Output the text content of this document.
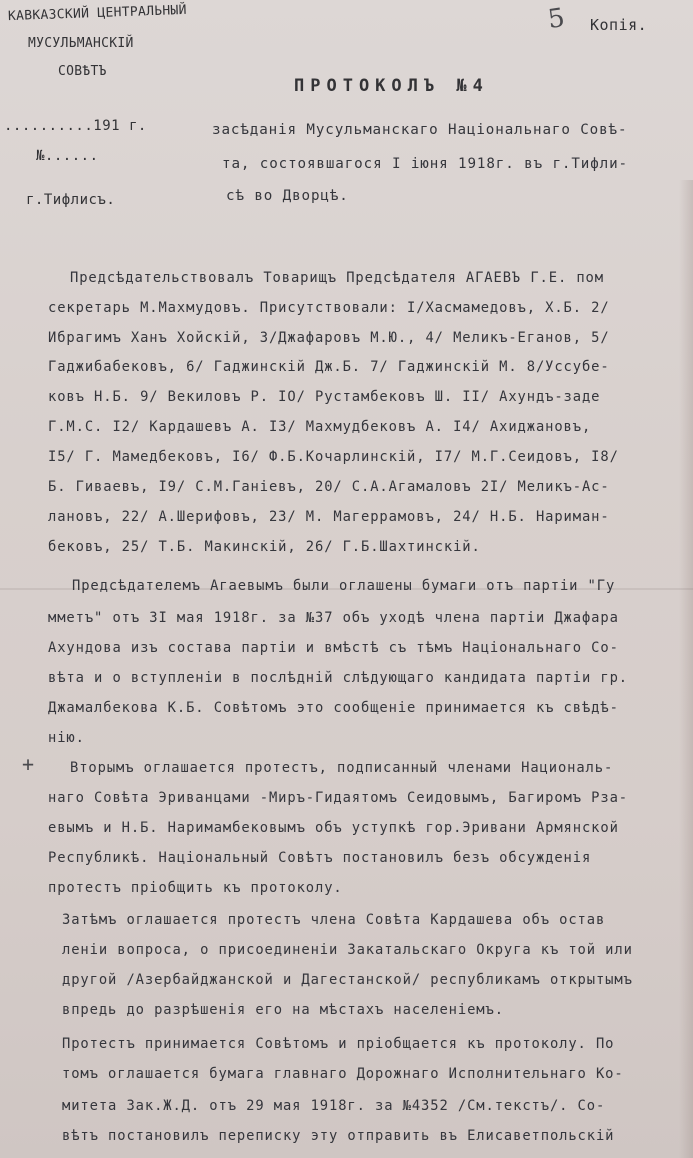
КАВКАЗСКИЙ ЦЕНТРАЛЬНЫЙ
МУСУЛЬМАНСКІЙ
СОВѢТЪ
5 Копія.
ПРОТОКОЛЪ №4
..........191 г.
№......
г.Тифлисъ.
засѣданія Мусульманскаго Національнаго Совѣ-
та, состоявшагося I іюня 1918г. въ г.Тифли-
сѣ во Дворцѣ.
Предсѣдательствовалъ Товарищъ Предсѣдателя АГАЕВЪ Г.Е. пом
секретарь М.Махмудовъ. Присутствовали: I/Хасмамедовъ, Х.Б. 2/
Ибрагимъ Ханъ Хойскій, 3/Джафаровъ М.Ю., 4/ Меликъ-Еганов, 5/
Гаджибабековъ, 6/ Гаджинскій Дж.Б. 7/ Гаджинскій М. 8/Уссубе-
ковъ Н.Б. 9/ Векиловъ Р. IO/ Рустамбековъ Ш. II/ Ахундъ-заде
Г.М.С. I2/ Кардашевъ А. I3/ Махмудбековъ А. I4/ Ахиджановъ,
I5/ Г. Мамедбековъ, I6/ Ф.Б.Кочарлинскій, I7/ М.Г.Сеидовъ, I8/
Б. Гиваевъ, I9/ С.М.Ганіевъ, 20/ С.А.Агамаловъ 2I/ Меликъ-Ас-
лановъ, 22/ А.Шерифовъ, 23/ М. Магеррамовъ, 24/ Н.Б. Нариман-
бековъ, 25/ Т.Б. Макинскій, 26/ Г.Б.Шахтинскій.
Предсѣдателемъ Агаевымъ были оглашены бумаги отъ партіи "Гу
мметъ" отъ 3I мая 1918г. за №37 объ уходѣ члена партіи Джафара
Ахундова изъ состава партіи и вмѣстѣ съ тѣмъ Національнаго Со-
вѣта и о вступленіи в послѣдній слѣдующаго кандидата партіи гр.
Джамалбекова К.Б. Совѣтомъ это сообщеніе принимается къ свѣдѣ-
нію.
+	Вторымъ оглашается протестъ, подписанный членами Националь-
наго Совѣта Эриванцами -Миръ-Гидаятомъ Сеидовымъ, Багиромъ Рза-
евымъ и Н.Б. Наримамбековымъ объ уступкѣ гор.Эривани Армянской
Республикѣ. Національный Совѣтъ постановилъ безъ обсужденія
протестъ пріобщить къ протоколу.
Затѣмъ оглашается протестъ члена Совѣта Кардашева объ остав
леніи вопроса, о присоединеніи Закатальскаго Округа къ той или
другой /Азербайджанской и Дагестанской/ республикамъ открытымъ
впредь до разрѣшенія его на мѣстахъ населеніемъ.
Протестъ принимается Совѣтомъ и пріобщается къ протоколу. По
томъ оглашается бумага главнаго Дорожнаго Исполнительнаго Ко-
митета Зак.Ж.Д. отъ 29 мая 1918г. за №4352 /См.текстъ/. Со-
вѣтъ постановилъ переписку эту отправить въ Елисаветпольскій
